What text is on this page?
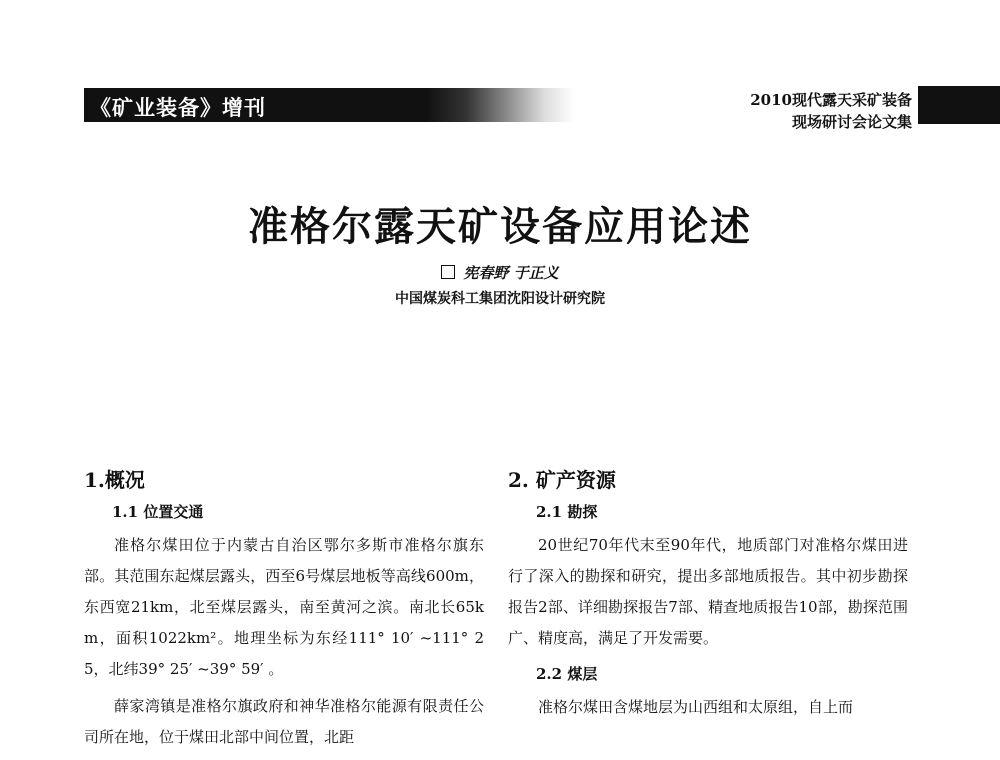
《矿业装备》增刊	2010现代露天采矿装备
现场研讨会论文集
准格尔露天矿设备应用论述
宪春野 于正义
中国煤炭科工集团沈阳设计研究院
1.概况
1.1 位置交通

准格尔煤田位于内蒙古自治区鄂尔多斯市准格尔旗东部。其范围东起煤层露头，西至6号煤层地板等高线600m，东西宽21km，北至煤层露头，南至黄河之滨。南北长65km，面积1022km²。地理坐标为东经111° 10′ ~111° 25，北纬39° 25′ ~39° 59′ 。

薛家湾镇是准格尔旗政府和神华准格尔能源有限责任公司所在地，位于煤田北部中间位置，北距

2. 矿产资源
2.1 勘探

20世纪70年代末至90年代，地质部门对准格尔煤田进行了深入的勘探和研究，提出多部地质报告。其中初步勘探报告2部、详细勘探报告7部、精查地质报告10部，勘探范围广、精度高，满足了开发需要。

2.2 煤层

准格尔煤田含煤地层为山西组和太原组，自上而
